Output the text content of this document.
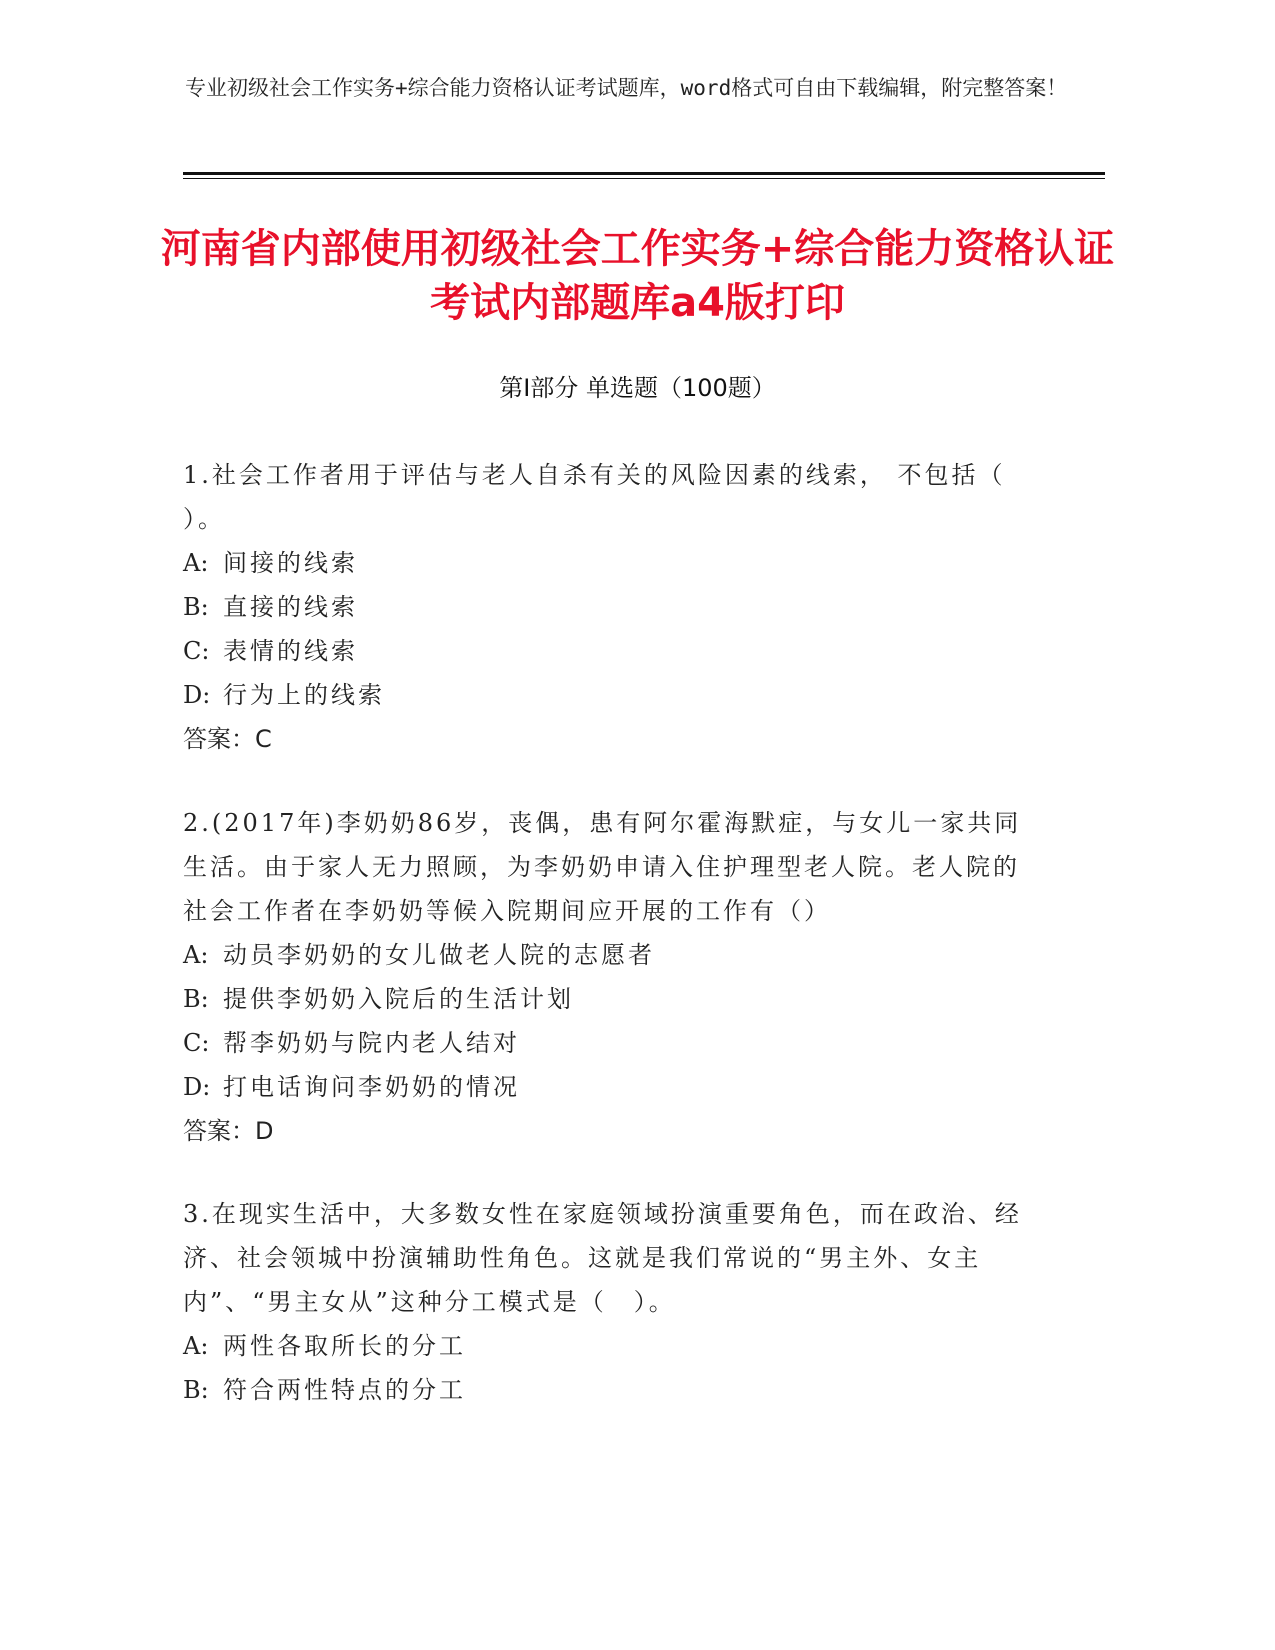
专业初级社会工作实务+综合能力资格认证考试题库，word格式可自由下载编辑，附完整答案！
河南省内部使用初级社会工作实务+综合能力资格认证考试内部题库a4版打印
第Ⅰ部分 单选题（100题）

1.社会工作者用于评估与老人自杀有关的风险因素的线索， 不包括（ ）。

A: 间接的线索

B: 直接的线索

C: 表情的线索

D: 行为上的线索

答案：C

2.(2017年)李奶奶86岁，丧偶，患有阿尔霍海默症，与女儿一家共同生活。由于家人无力照顾，为李奶奶申请入住护理型老人院。老人院的社会工作者在李奶奶等候入院期间应开展的工作有（）

A: 动员李奶奶的女儿做老人院的志愿者

B: 提供李奶奶入院后的生活计划

C: 帮李奶奶与院内老人结对

D: 打电话询问李奶奶的情况

答案：D

3.在现实生活中，大多数女性在家庭领域扮演重要角色，而在政治、经济、社会领城中扮演辅助性角色。这就是我们常说的“男主外、女主内”、“男主女从”这种分工模式是（　）。

A: 两性各取所长的分工

B: 符合两性特点的分工
